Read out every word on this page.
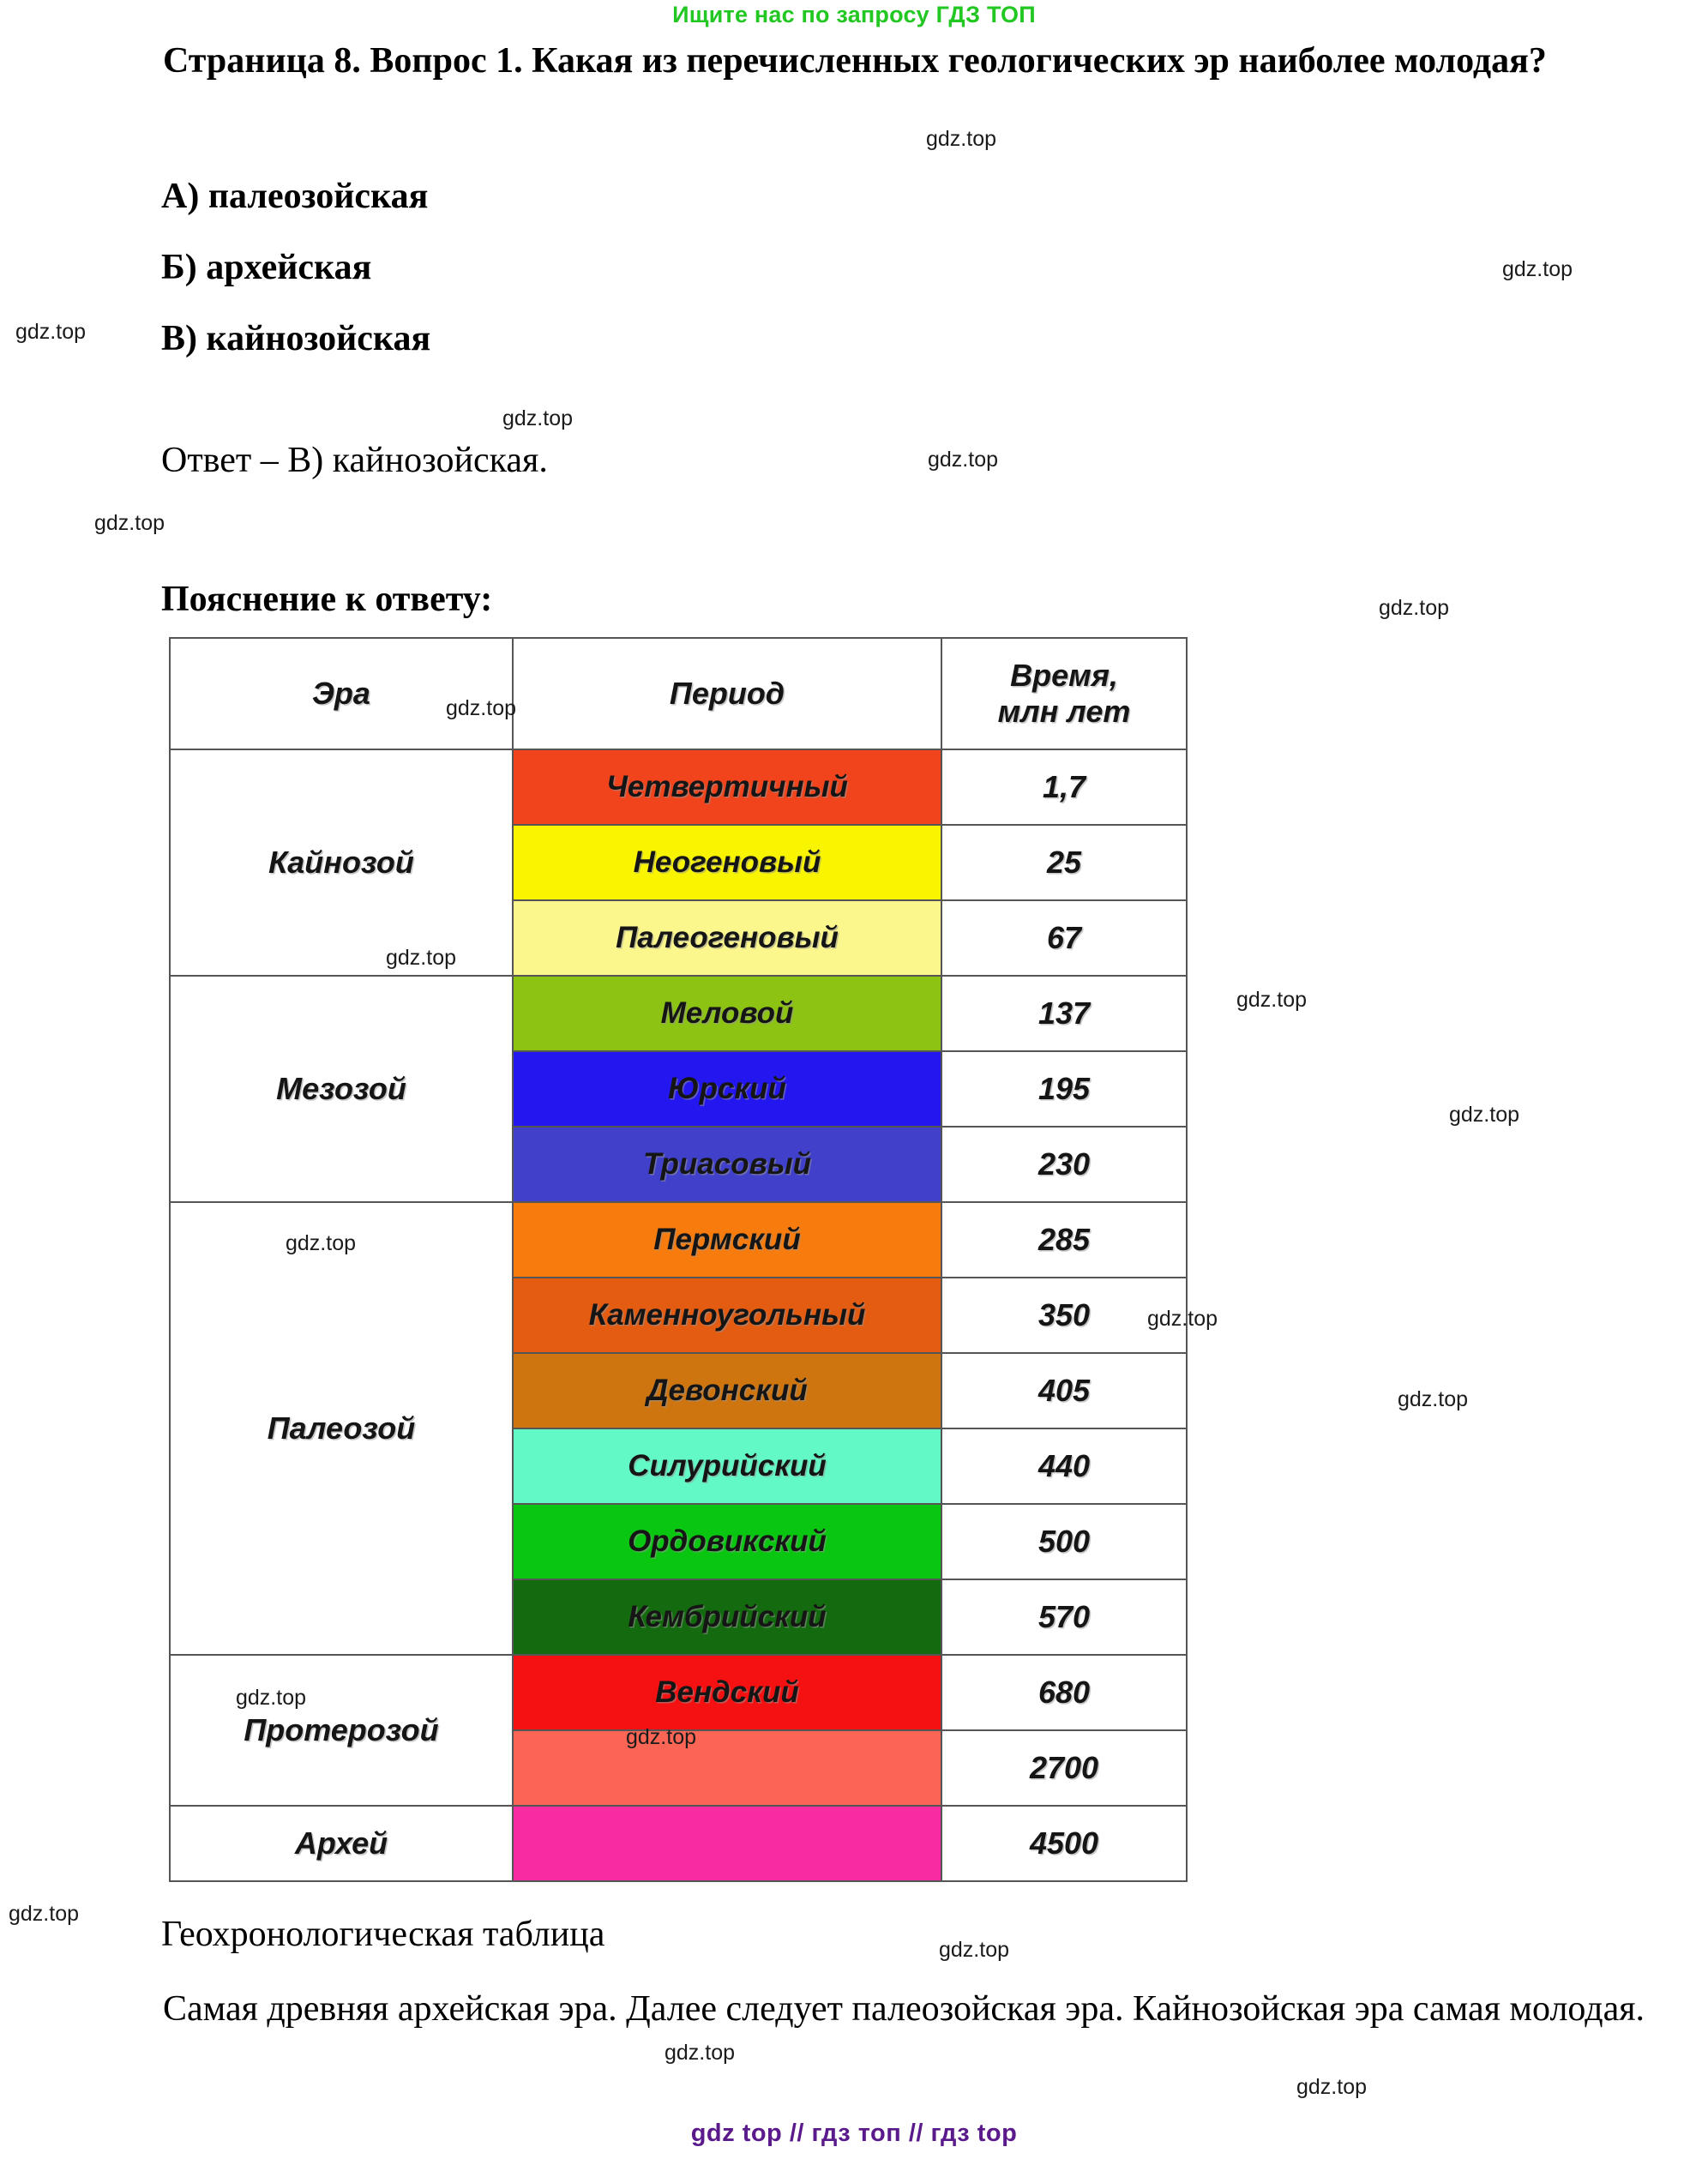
Ищите нас по запросу ГДЗ ТОП
Страница 8. Вопрос 1. Какая из перечисленных геологических эр наиболее молодая?
А) палеозойская
Б) архейская
В) кайнозойская
Ответ – В) кайнозойская.
Пояснение к ответу:
Эра	Период	Время,
млн лет
Кайнозой	Четвертичный	1,7
	Неогеновый	25
	Палеогеновый	67
Мезозой	Меловой	137
	Юрский	195
	Триасовый	230
Палеозой	Пермский	285
	Каменноугольный	350
	Девонский	405
	Силурийский	440
	Ордовикский	500
	Кембрийский	570
Протерозой	Вендский	680
		2700
Архей		4500
Геохронологическая таблица
Самая древняя архейская эра. Далее следует палеозойская эра. Кайнозойская эра самая молодая.
gdz top // гдз топ // гдз top
gdz.top
gdz.top
gdz.top
gdz.top
gdz.top
gdz.top
gdz.top
gdz.top
gdz.top
gdz.top
gdz.top
gdz.top
gdz.top
gdz.top
gdz.top
gdz.top
gdz.top
gdz.top
gdz.top
gdz.top
